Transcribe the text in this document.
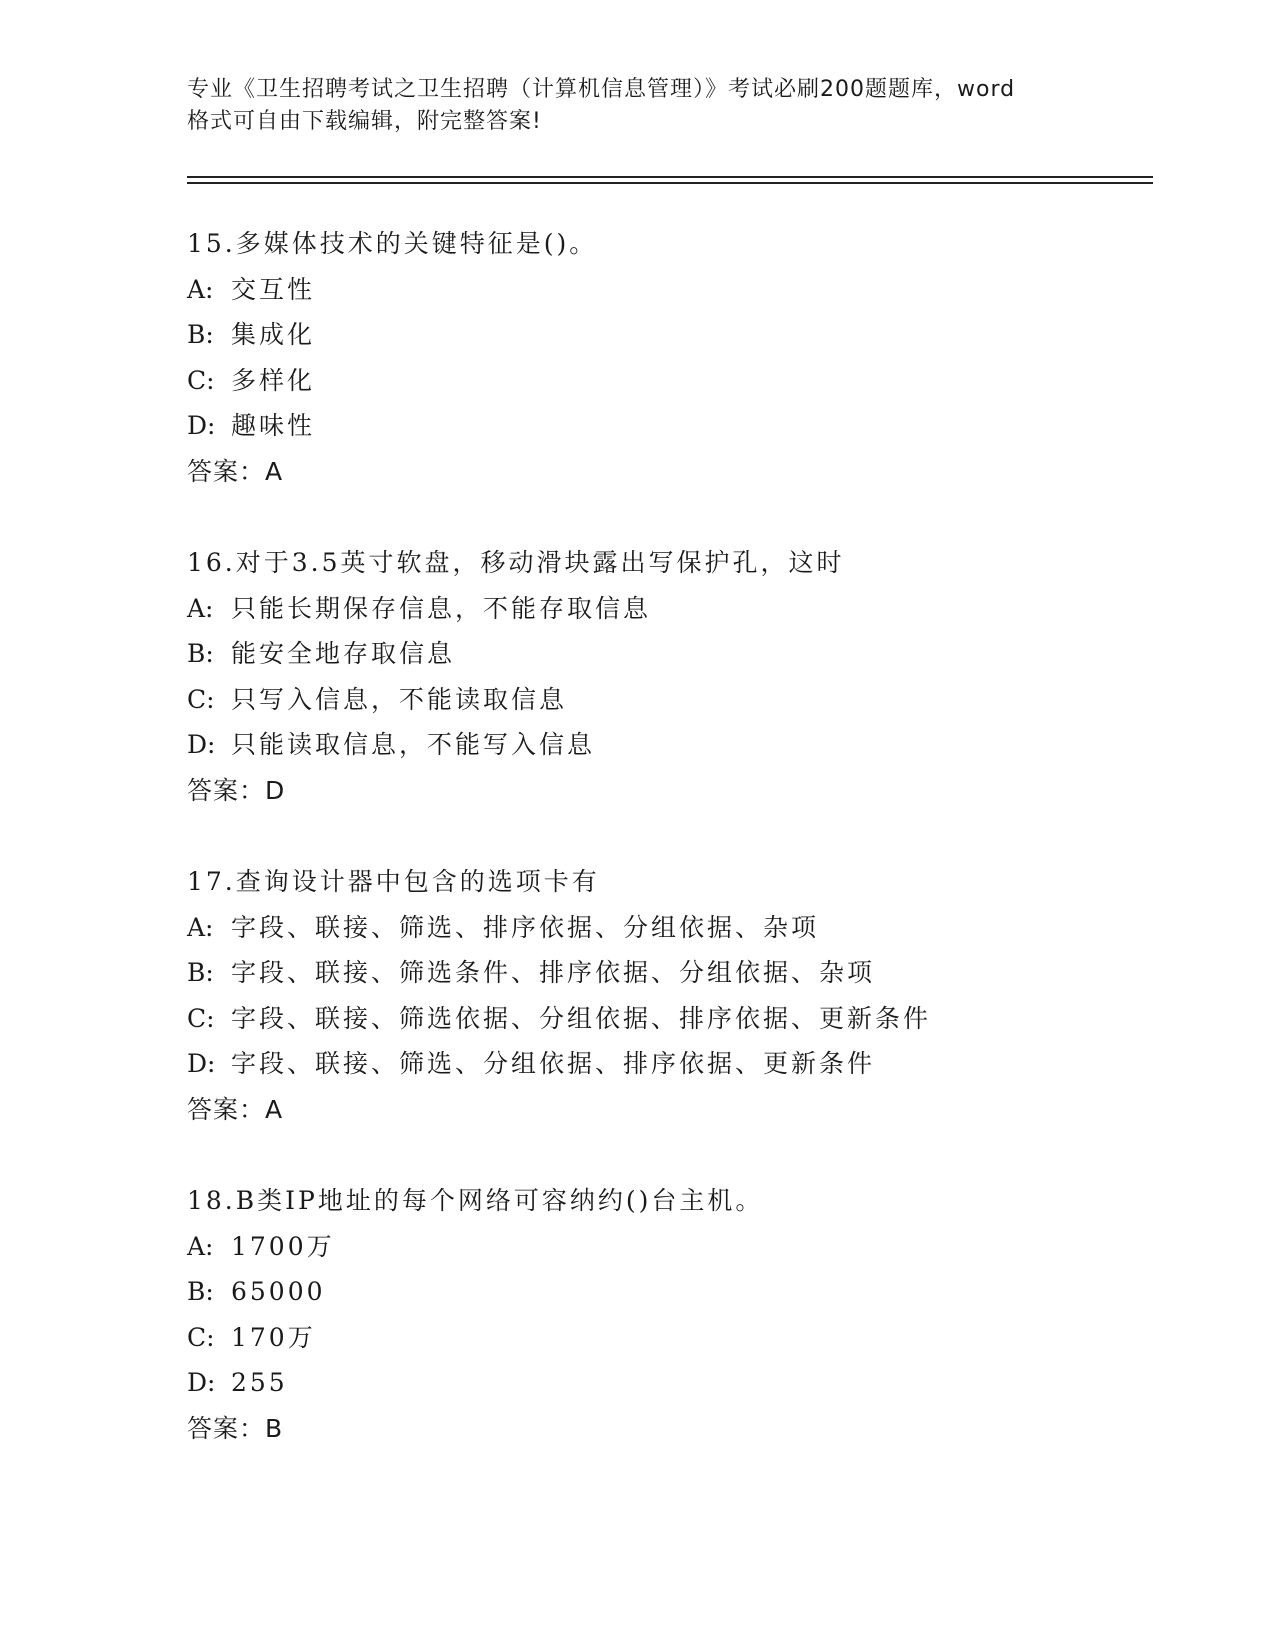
专业《卫生招聘考试之卫生招聘（计算机信息管理）》考试必刷200题题库，word
格式可自由下载编辑，附完整答案!
15.多媒体技术的关键特征是()。
A: 交互性
B: 集成化
C: 多样化
D: 趣味性
答案：A
16.对于3.5英寸软盘，移动滑块露出写保护孔，这时
A: 只能长期保存信息，不能存取信息
B: 能安全地存取信息
C: 只写入信息，不能读取信息
D: 只能读取信息，不能写入信息
答案：D
17.查询设计器中包含的选项卡有
A: 字段、联接、筛选、排序依据、分组依据、杂项
B: 字段、联接、筛选条件、排序依据、分组依据、杂项
C: 字段、联接、筛选依据、分组依据、排序依据、更新条件
D: 字段、联接、筛选、分组依据、排序依据、更新条件
答案：A
18.B类IP地址的每个网络可容纳约()台主机。
A: 1700万
B: 65000
C: 170万
D: 255
答案：B
